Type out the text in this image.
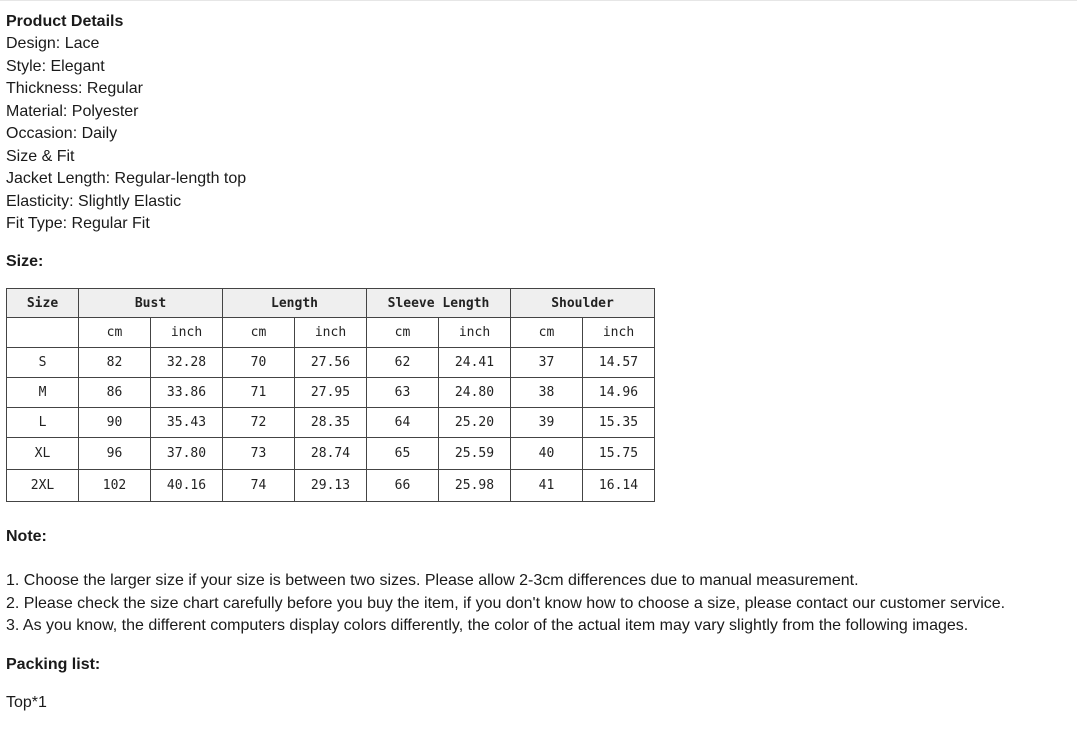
Product Details
Design: Lace
Style: Elegant
Thickness: Regular
Material: Polyester
Occasion: Daily
Size & Fit
Jacket Length: Regular-length top
Elasticity: Slightly Elastic
Fit Type: Regular Fit
Size:
Size	Bust		Length		Sleeve Length		Shoulder	
	cm	inch	cm	inch	cm	inch	cm	inch
S	82	32.28	70	27.56	62	24.41	37	14.57
M	86	33.86	71	27.95	63	24.80	38	14.96
L	90	35.43	72	28.35	64	25.20	39	15.35
XL	96	37.80	73	28.74	65	25.59	40	15.75
2XL	102	40.16	74	29.13	66	25.98	41	16.14
Note:
1. Choose the larger size if your size is between two sizes. Please allow 2-3cm differences due to manual measurement.
2. Please check the size chart carefully before you buy the item, if you don't know how to choose a size, please contact our customer service.
3. As you know, the different computers display colors differently, the color of the actual item may vary slightly from the following images.
Packing list:
Top*1
